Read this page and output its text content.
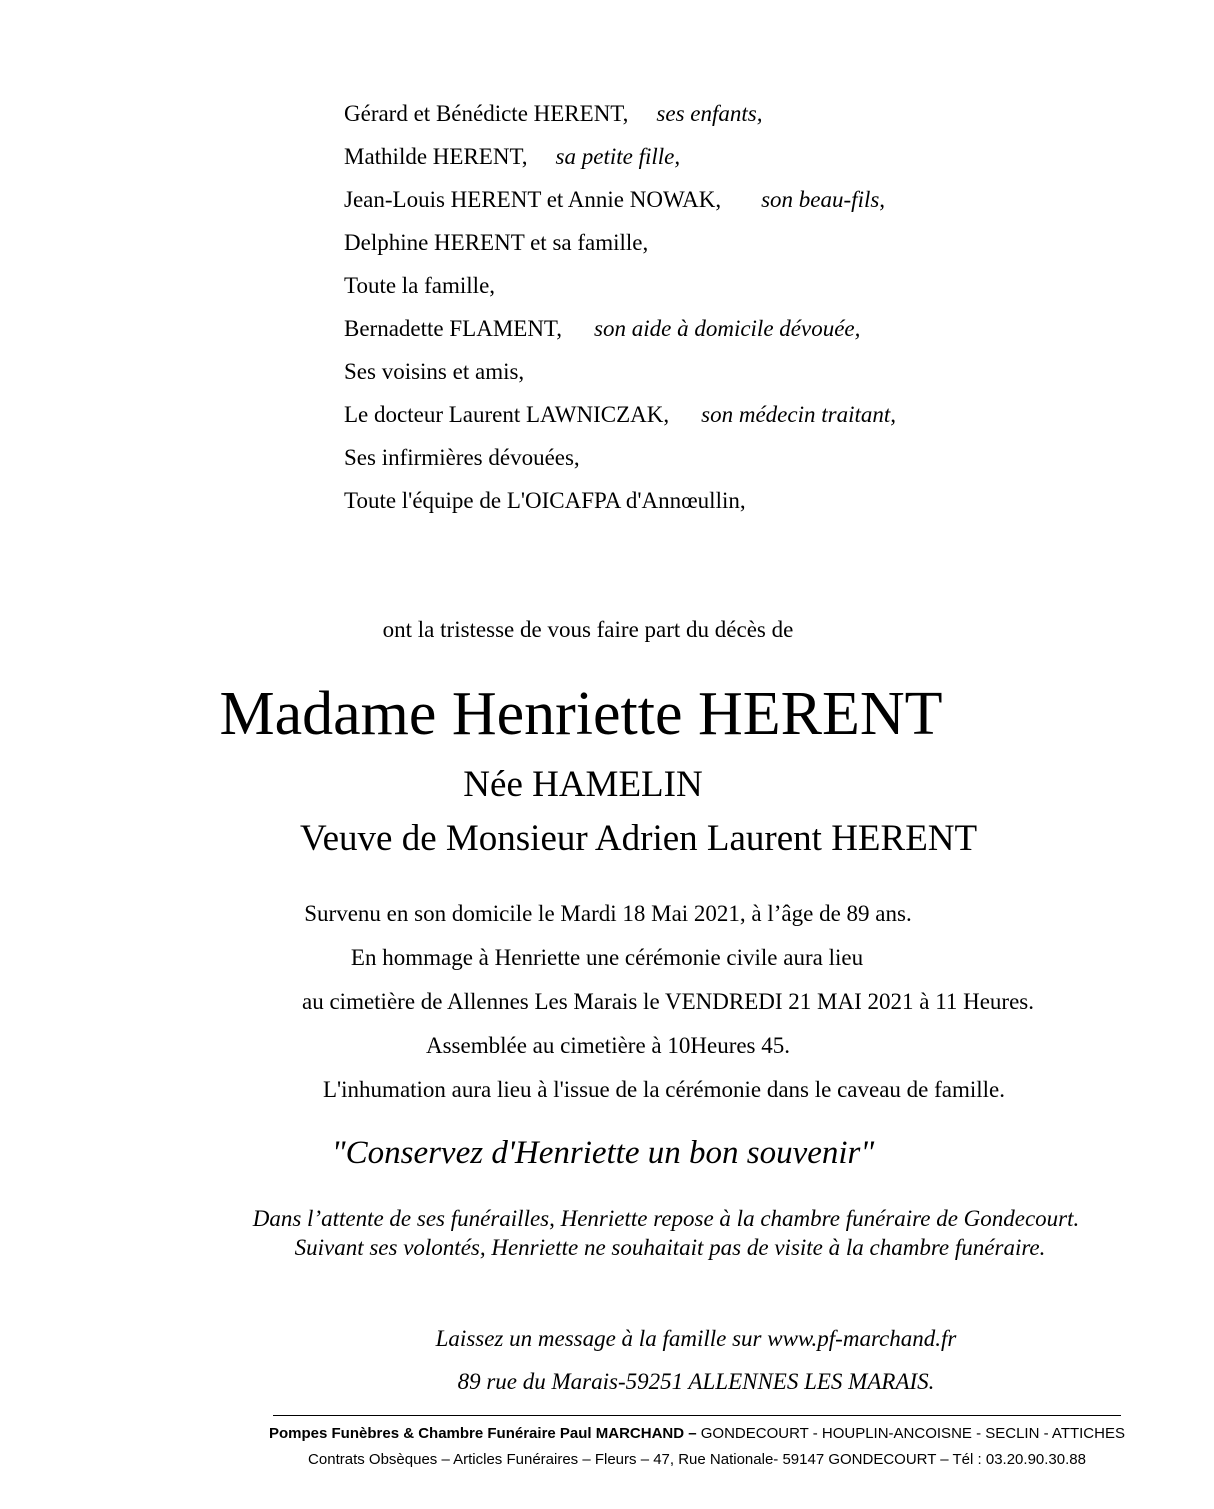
Gérard et Bénédicte HERENT, ses enfants,
Mathilde HERENT, sa petite fille,
Jean-Louis HERENT et Annie NOWAK, son beau-fils,
Delphine HERENT et sa famille,
Toute la famille,
Bernadette FLAMENT, son aide à domicile dévouée,
Ses voisins et amis,
Le docteur Laurent LAWNICZAK, son médecin traitant,
Ses infirmières dévouées,
Toute l'équipe de L'OICAFPA d'Annœullin,
ont la tristesse de vous faire part du décès de
Madame Henriette HERENT
Née HAMELIN
Veuve de Monsieur Adrien Laurent HERENT
Survenu en son domicile le Mardi 18 Mai 2021, à l’âge de 89 ans.
En hommage à Henriette une cérémonie civile aura lieu
au cimetière de Allennes Les Marais le VENDREDI 21 MAI 2021 à 11 Heures.
Assemblée au cimetière à 10Heures 45.
L'inhumation aura lieu à l'issue de la cérémonie dans le caveau de famille.
"Conservez d'Henriette un bon souvenir"
Dans l’attente de ses funérailles, Henriette repose à la chambre funéraire de Gondecourt.
Suivant ses volontés, Henriette ne souhaitait pas de visite à la chambre funéraire.
Laissez un message à la famille sur www.pf-marchand.fr
89 rue du Marais-59251 ALLENNES LES MARAIS.
Pompes Funèbres & Chambre Funéraire Paul MARCHAND – GONDECOURT - HOUPLIN-ANCOISNE - SECLIN - ATTICHES
Contrats Obsèques – Articles Funéraires – Fleurs – 47, Rue Nationale- 59147 GONDECOURT – Tél : 03.20.90.30.88
